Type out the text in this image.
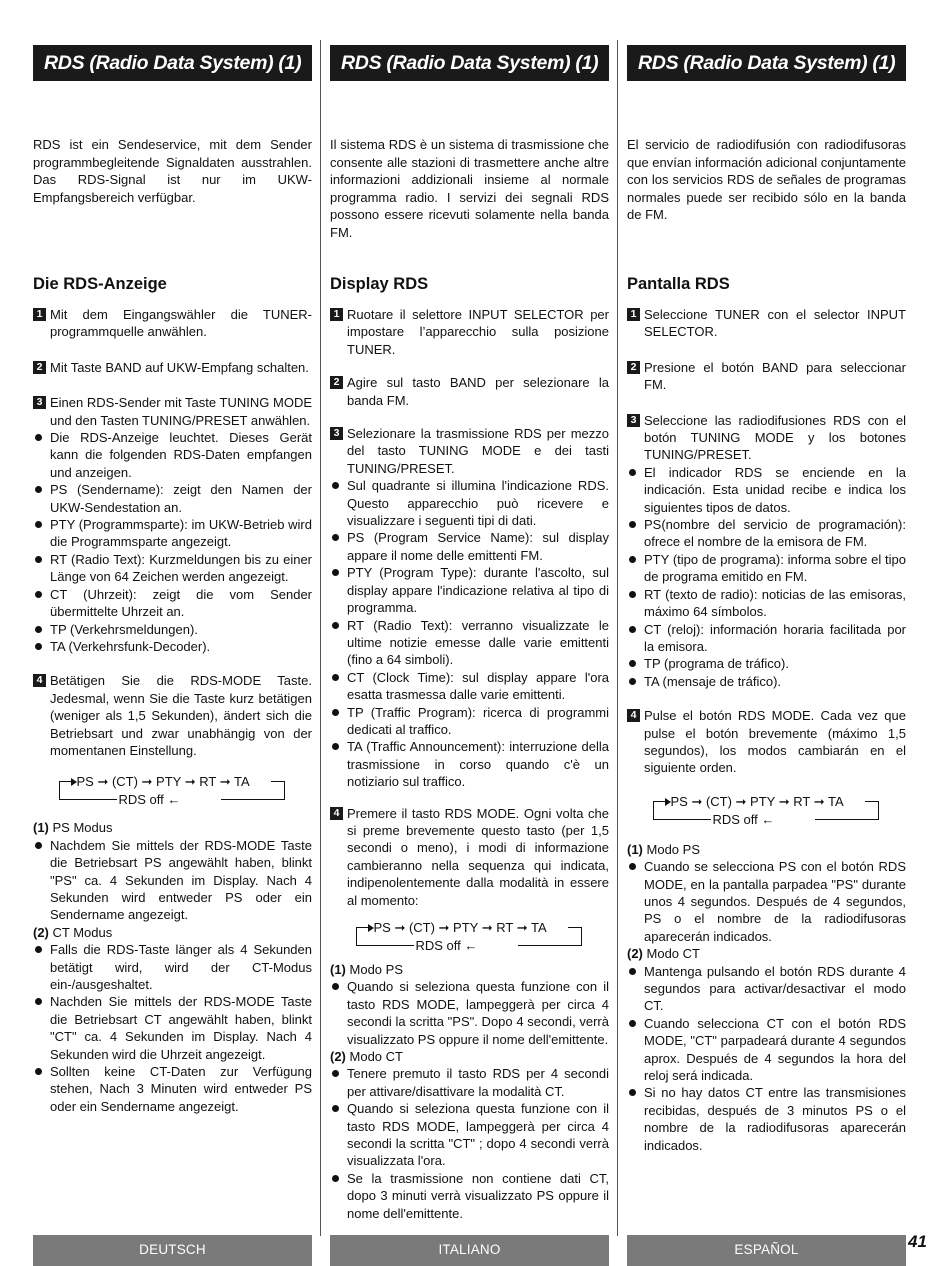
RDS (Radio Data System) (1)

RDS ist ein Sendeservice, mit dem Sender programmbegleitende Signaldaten ausstrahlen. Das RDS-Signal ist nur im UKW-Empfangsbereich verfügbar.

Die RDS-Anzeige
1 Mit dem Eingangswähler die TUNER-programmquelle anwählen.
2 Mit Taste BAND auf UKW-Empfang schalten.
3 Einen RDS-Sender mit Taste TUNING MODE und den Tasten TUNING/PRESET anwählen.
Die RDS-Anzeige leuchtet. Dieses Gerät kann die folgenden RDS-Daten empfangen und anzeigen.
PS (Sendername): zeigt den Namen der UKW-Sendestation an.
PTY (Programmsparte): im UKW-Betrieb wird die Programmsparte angezeigt.
RT (Radio Text): Kurzmeldungen bis zu einer Länge von 64 Zeichen werden angezeigt.
CT (Uhrzeit): zeigt die vom Sender übermittelte Uhrzeit an.
TP (Verkehrsmeldungen).
TA (Verkehrsfunk-Decoder).
4 Betätigen Sie die RDS-MODE Taste. Jedesmal, wenn Sie die Taste kurz betätigen (weniger als 1,5 Sekunden), ändert sich die Betriebsart und zwar unabhängig von der momentanen Einstellung.
PS ➞ (CT) ➞ PTY ➞ RT ➞ TA
RDS off ←

(1) PS Modus

Nachdem Sie mittels der RDS-MODE Taste die Betriebsart PS angewählt haben, blinkt "PS" ca. 4 Sekunden im Display. Nach 4 Sekunden wird entweder PS oder ein Sendername angezeigt.

(2) CT Modus

Falls die RDS-Taste länger als 4 Sekunden betätigt wird, wird der CT-Modus ein-/ausgeshaltet.
Nachden Sie mittels der RDS-MODE Taste die Betriebsart CT angewählt haben, blinkt "CT" ca. 4 Sekunden im Display. Nach 4 Sekunden wird die Uhrzeit angezeigt.
Sollten keine CT-Daten zur Verfügung stehen, Nach 3 Minuten wird entweder PS oder ein Sendername angezeigt.
DEUTSCH
RDS (Radio Data System) (1)

Il sistema RDS è un sistema di trasmissione che consente alle stazioni di trasmettere anche altre informazioni addizionali insieme al normale programma radio. I servizi dei segnali RDS possono essere ricevuti solamente nella banda FM.

Display RDS
1 Ruotare il selettore INPUT SELECTOR per impostare l’apparecchio sulla posizione TUNER.
2 Agire sul tasto BAND per selezionare la banda FM.
3 Selezionare la trasmissione RDS per mezzo del tasto TUNING MODE e dei tasti TUNING/PRESET.
Sul quadrante si illumina l'indicazione RDS. Questo apparecchio può ricevere e visualizzare i seguenti tipi di dati.
PS (Program Service Name): sul display appare il nome delle emittenti FM.
PTY (Program Type): durante l'ascolto, sul display appare l'indicazione relativa al tipo di programma.
RT (Radio Text): verranno visualizzate le ultime notizie emesse dalle varie emittenti (fino a 64 simboli).
CT (Clock Time): sul display appare l'ora esatta trasmessa dalle varie emittenti.
TP (Traffic Program): ricerca di programmi dedicati al traffico.
TA (Traffic Announcement): interruzione della trasmissione in corso quando c'è un notiziario sul traffico.
4 Premere il tasto RDS MODE. Ogni volta che si preme brevemente questo tasto (per 1,5 secondi o meno), i modi di informazione cambieranno nella sequenza qui indicata, indipenolentemente dalla modalità in essere al momento:
PS ➞ (CT) ➞ PTY ➞ RT ➞ TA
RDS off ←

(1) Modo PS

Quando si seleziona questa funzione con il tasto RDS MODE, lampeggerà per circa 4 secondi la scritta "PS". Dopo 4 secondi, verrà visualizzato PS oppure il nome dell'emittente.

(2) Modo CT

Tenere premuto il tasto RDS per 4 secondi per attivare/disattivare la modalità CT.
Quando si seleziona questa funzione con il tasto RDS MODE, lampeggerà per circa 4 secondi la scritta "CT" ; dopo 4 secondi verrà visualizzata l'ora.
Se la trasmissione non contiene dati CT, dopo 3 minuti verrà visualizzato PS oppure il nome dell'emittente.
ITALIANO
RDS (Radio Data System) (1)

El servicio de radiodifusión con radiodifusoras que envían información adicional conjuntamente con los servicios RDS de señales de programas normales puede ser recibido sólo en la banda de FM.

Pantalla RDS
1 Seleccione TUNER con el selector INPUT SELECTOR.
2 Presione el botón BAND para seleccionar FM.
3 Seleccione las radiodifusiones RDS con el botón TUNING MODE y los botones TUNING/PRESET.
El indicador RDS se enciende en la indicación. Esta unidad recibe e indica los siguientes tipos de datos.
PS(nombre del servicio de programación): ofrece el nombre de la emisora de FM.
PTY (tipo de programa): informa sobre el tipo de programa emitido en FM.
RT (texto de radio): noticias de las emisoras, máximo 64 símbolos.
CT (reloj): información horaria facilitada por la emisora.
TP (programa de tráfico).
TA (mensaje de tráfico).
4 Pulse el botón RDS MODE. Cada vez que pulse el botón brevemente (máximo 1,5 segundos), los modos cambiarán en el siguiente orden.
PS ➞ (CT) ➞ PTY ➞ RT ➞ TA
RDS off ←

(1) Modo PS

Cuando se selecciona PS con el botón RDS MODE, en la pantalla parpadea "PS" durante unos 4 segundos. Después de 4 segundos, PS o el nombre de la radiodifusoras aparecerán indicados.

(2) Modo CT

Mantenga pulsando el botón RDS durante 4 segundos para activar/desactivar el modo CT.
Cuando selecciona CT con el botón RDS MODE, "CT" parpadeará durante 4 segundos aprox. Después de 4 segundos la hora del reloj será indicada.
Si no hay datos CT entre las transmisiones recibidas, después de 3 minutos PS o el nombre de la radiodifusoras aparecerán indicados.
ESPAÑOL	41
